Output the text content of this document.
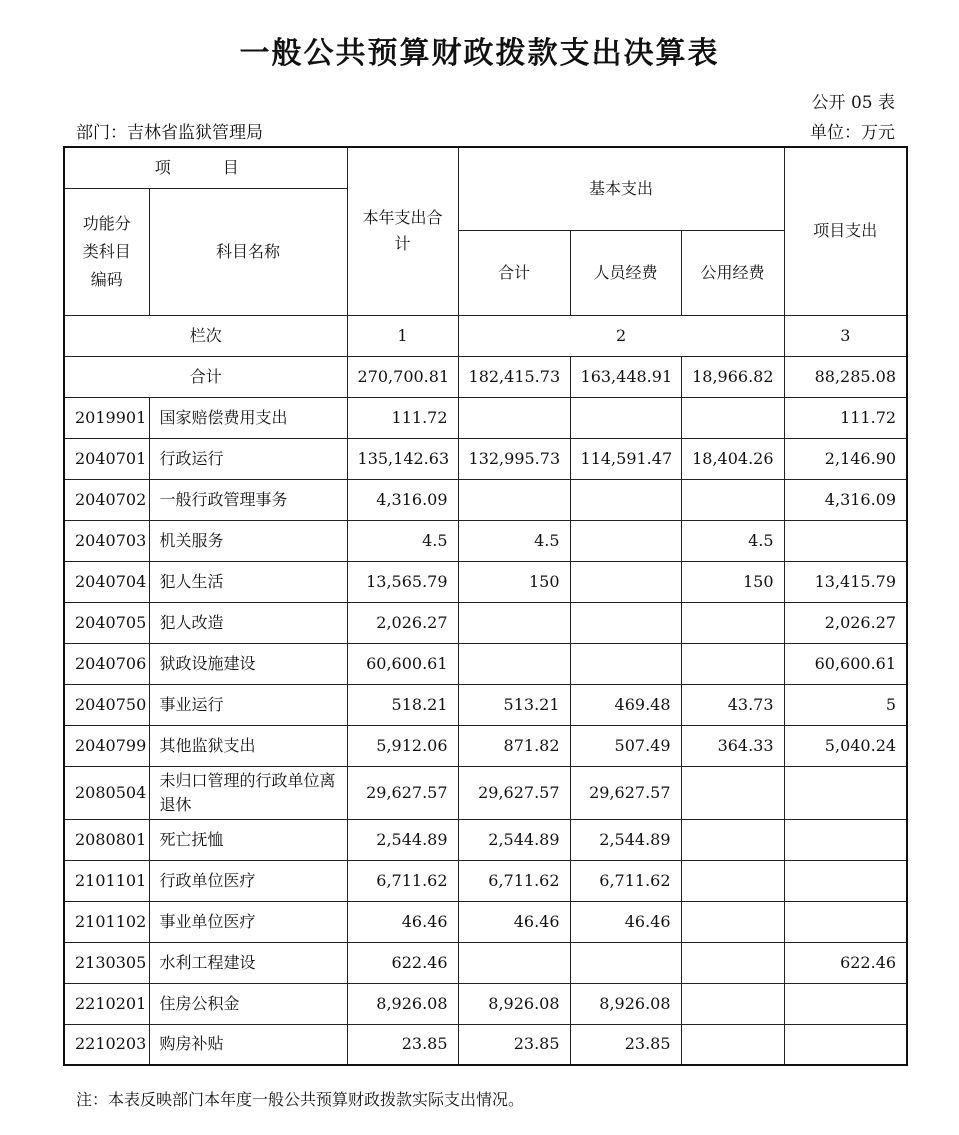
一般公共预算财政拨款支出决算表
公开 05 表
部门：吉林省监狱管理局	单位：万元
项　目		本年支出合计	基本支出			项目支出
功能分类科目编码	科目名称					
			合计	人员经费	公用经费	
栏次		1	2			3
合计		270,700.81	182,415.73	163,448.91	18,966.82	88,285.08
2019901	国家赔偿费用支出	111.72				111.72
2040701	行政运行	135,142.63	132,995.73	114,591.47	18,404.26	2,146.90
2040702	一般行政管理事务	4,316.09				4,316.09
2040703	机关服务	4.5	4.5		4.5	
2040704	犯人生活	13,565.79	150		150	13,415.79
2040705	犯人改造	2,026.27				2,026.27
2040706	狱政设施建设	60,600.61				60,600.61
2040750	事业运行	518.21	513.21	469.48	43.73	5
2040799	其他监狱支出	5,912.06	871.82	507.49	364.33	5,040.24
2080504	未归口管理的行政单位离退休	29,627.57	29,627.57	29,627.57		
2080801	死亡抚恤	2,544.89	2,544.89	2,544.89		
2101101	行政单位医疗	6,711.62	6,711.62	6,711.62		
2101102	事业单位医疗	46.46	46.46	46.46		
2130305	水利工程建设	622.46				622.46
2210201	住房公积金	8,926.08	8,926.08	8,926.08		
2210203	购房补贴	23.85	23.85	23.85		
注：本表反映部门本年度一般公共预算财政拨款实际支出情况。
